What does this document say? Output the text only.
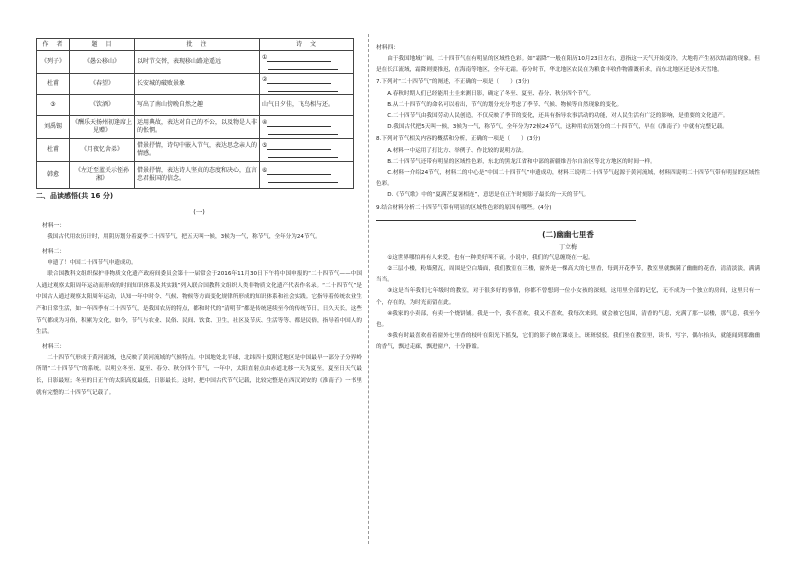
作　者	题　目	批　注	诗　文
《列子》	《愚公移山》	以时节交替，表现移山路途遥远	①

杜甫	《春望》	长安城的破败景象	②

③	《饮酒》	写出了南山傍晚自然之趣	山气日夕佳，飞鸟相与还。
刘禹锡	《酬乐天扬州初逢席上见赠》	运用典故，表达对自己的不公，以及物是人非的怅惘。	④

杜甫	《月夜忆舍弟》	借景抒情，诗句中嵌入节气，表达思念亲人的情感。	⑤

韩愈	《左迁至蓝关示侄孙湘》	借景抒情，表达诗人坚贞的态度和决心，直言忠君报国的信念。	⑥

二、品读感悟(共 16 分)
(一)
材料一：

我国古代用农历计时，用阴历划分着夏季二十四节气，把五天叫一候，3候为一气，称节气，全年分为24节气。

材料二：

申遗了！中国二十四节气申遗成功。

联合国教科文组织保护非物质文化遗产政府间委员会第十一届常会于2016年11月30日下午将中国申报的“二十四节气——中国人通过观察太阳周年运动而形成的时间知识体系及其实践”列入联合国教科文组织人类非物质文化遗产代表作名录。“二十四节气”是中国古人通过观察太阳周年运动，认知一年中时令、气候、物候等方面变化规律所形成的知识体系和社会实践。它指导着传统农业生产和日常生活，如一年四季有二十四节气，是我国农历的特点，都和时代的“清明节”都是传统延续至今的传统节日，日久天长，这些节气都成为习俗，积累为文化，如今，节气与农业、民俗、民间、饮食、卫生，社区及节庆、生活等等、都是民俗，指导着中国人的生活。

材料三：

二十四节气形成于黄河流域，也反映了黄河流域的气候特点。中国地处北半球，北纬四十度附近地区是中国最早一部分子分界岭所谓“二十四节气”的系统。以明立冬至、夏至、春分、秋分四个节气，一年中，太阳直射点由赤道北移一天为夏至，夏至日天气最长，日影最短；冬至的日正午的太阳高度最低，日影最长。这时，把中国古代节气记载，比较完整是在西汉刘安的《淮南子》一书里就有完整的二十四节气记载了。

材料四：

由于我国地域广阔，二十四节气在有明显的区域性色彩。如“霜降”一般在阳历10月23日左右，意指这一天气开始变冷，大地将产生初次结霜的现象。但是在长江流域，霜降则要推迟，在海南等地区，全年无霜。春分时节，华北地区农民在为粮食丰收作物灌溉祈求，而东北地区还是冰天雪地。

7.下列对“二十四节气”的阐述，不正确的一项是（　　）(3分)

A.春秋时期人们已经能用土圭来测日影，确定了冬至、夏至、春分、秋分四个节气。

B.从二十四节气的命名可以看出，节气的划分充分考虑了季节、气候、物候等自然现象的变化。

C.二十四节气由我国劳动人民创造，不仅反映了季节的变化，还具有指导农事活动的功能，对人民生活有广泛的影响，是重要的文化遗产。

D.我国古代把5天叫一候，3候为一气，称节气，全年分为72候24节气，这种用农历划分的二十四节气，早在《淮南子》中就有完整记载。

8.下列对节气相关内容的概括和分析，正确的一项是（　　）(3分)

A.材料一中运用了打比方、举例子、作比较的说明方法。

B.二十四节气还带有明显的区域性色彩，东北的黑龙江省和中部的新疆维吾尔自治区等北方地区的时间一样。

C.材料一介绍24节气，材料二的中心是“中国二十四节气”申遗成功，材料三说明二十四节气起源于黄河流域，材料四说明二十四节气带有明显的区域性色彩。

D.《节气歌》中的“夏满芒夏暑相连”，意思是在正午时刻影子最长的一天的节气。

9.结合材料分析二十四节气带有明显的区域性色彩的原因有哪些。(4分)

(二)幽幽七里香
丁立梅

①这世界哪怕再有人来爱，也有一种美好叫不衰。小说中，我们的气息缠绕在一起。

②三层小楼，粉墙黛瓦，周围是空白墙面，我们教室在三楼，窗外是一棵高大的七里香，每到开花季节，教室里就飘满了幽幽的花香，清清淡淡，满满当当。

③这是当年我们七年级时的教室，对于很多好的事情，你都不曾想到一位小女孩的深刻，这用里全部的记忆，无不成为一个独立的房间，这里只有一个，存在的，为时光而留在此。

④我家的小卖部，有卖一个烧饼铺。我是一个，我不喜欢，我又不喜欢，我每次来到，就会被它包围，清香的气息，充满了那一层楼，那气息，我至今也。

⑤我有时最喜欢看着窗外七里香的枝叶在阳光下摇曳，它们的影子映在课桌上，斑斑驳驳。我们坐在教室里，读书，写字，偶尔抬头，就能闻到那幽幽的香气，飘过走廊，飘进窗户，十分静谧。
